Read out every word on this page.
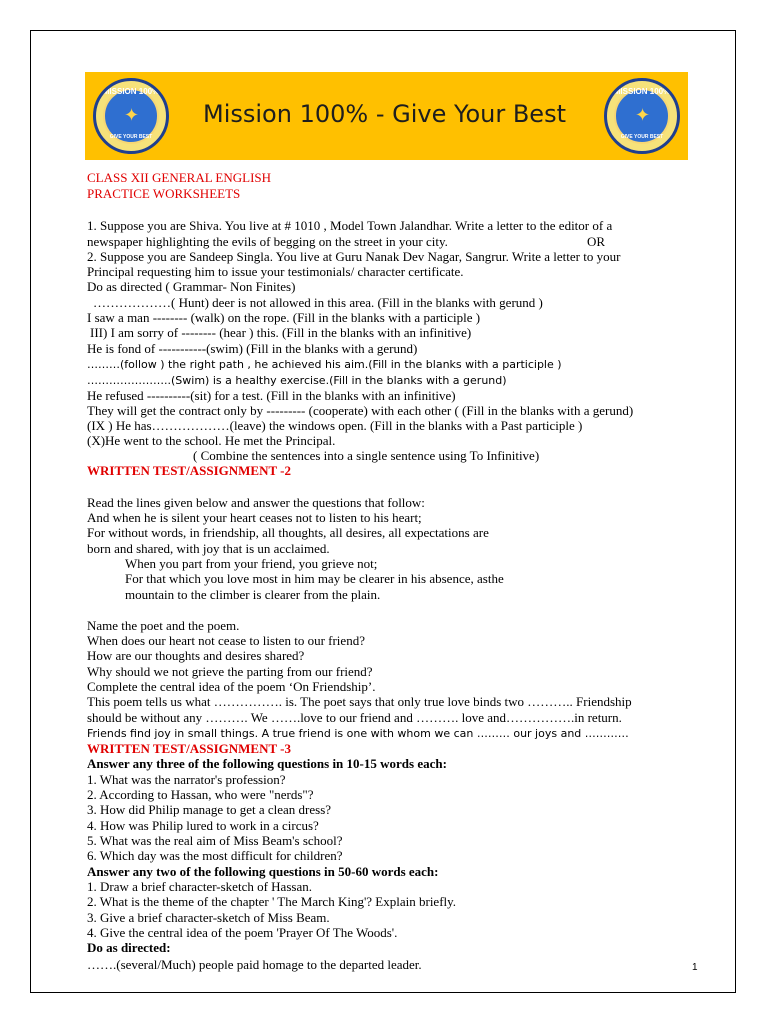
MISSION 100%
✦
GIVE YOUR BEST
Mission 100% - Give Your Best
MISSION 100%
✦
GIVE YOUR BEST
CLASS XII GENERAL ENGLISH
PRACTICE WORKSHEETS
1. Suppose you are Shiva. You live at # 1010 , Model Town Jalandhar. Write a letter to the editor of a
newspaper highlighting the evils of begging on the street in your city.	OR
2. Suppose you are Sandeep Singla. You live at Guru Nanak Dev Nagar, Sangrur. Write a letter to your
Principal requesting him to issue your testimonials/ character certificate.
Do as directed ( Grammar- Non Finites)
………………( Hunt) deer is not allowed in this area. (Fill in the blanks with gerund )
I saw a man -------- (walk) on the rope. (Fill in the blanks with a participle )
III) I am sorry of -------- (hear ) this. (Fill in the blanks with an infinitive)
He is fond of -----------(swim) (Fill in the blanks with a gerund)
………(follow ) the right path , he achieved his aim.(Fill in the blanks with a participle )
…………………..(Swim) is a healthy exercise.(Fill in the blanks with a gerund)
He refused ----------(sit) for a test. (Fill in the blanks with an infinitive)
They will get the contract only by --------- (cooperate) with each other ( (Fill in the blanks with a gerund)
(IX ) He has………………(leave) the windows open. (Fill in the blanks with a Past participle )
(X)He went to the school. He met the Principal.
( Combine the sentences into a single sentence using To Infinitive)
WRITTEN TEST/ASSIGNMENT -2
Read the lines given below and answer the questions that follow:
And when he is silent your heart ceases not to listen to his heart;
For without words, in friendship, all thoughts, all desires, all expectations are
born and shared, with joy that is un acclaimed.
When you part from your friend, you grieve not;
For that which you love most in him may be clearer in his absence, asthe
mountain to the climber is clearer from the plain.
Name the poet and the poem.
When does our heart not cease to listen to our friend?
How are our thoughts and desires shared?
Why should we not grieve the parting from our friend?
Complete the central idea of the poem ‘On Friendship’.
This poem tells us what ……………. is. The poet says that only true love binds two ……….. Friendship
should be without any ………. We …….love to our friend and ………. love and…………….in return.
Friends find joy in small things. A true friend is one with whom we can ……… our joys and …………
WRITTEN TEST/ASSIGNMENT -3
Answer any three of the following questions in 10-15 words each:
1. What was the narrator's profession?
2. According to Hassan, who were "nerds"?
3. How did Philip manage to get a clean dress?
4. How was Philip lured to work in a circus?
5. What was the real aim of Miss Beam's school?
6. Which day was the most difficult for children?
Answer any two of the following questions in 50-60 words each:
1. Draw a brief character-sketch of Hassan.
2. What is the theme of the chapter ' The March King'? Explain briefly.
3. Give a brief character-sketch of Miss Beam.
4. Give the central idea of the poem 'Prayer Of The Woods'.
Do as directed:
…….(several/Much) people paid homage to the departed leader.	1
